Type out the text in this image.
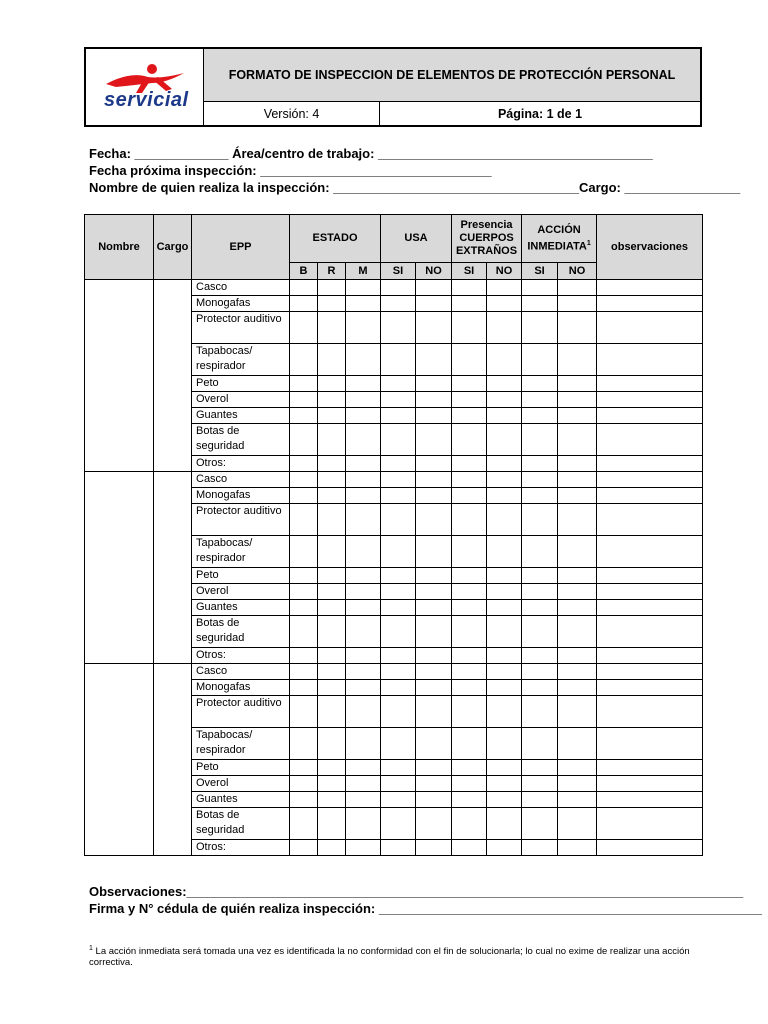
servicial
FORMATO DE INSPECCION DE ELEMENTOS DE PROTECCIÓN PERSONAL
Versión: 4	Página: 1 de 1
Fecha: _____________ Área/centro de trabajo: ______________________________________
Fecha próxima inspección: ________________________________
Nombre de quien realiza la inspección: __________________________________Cargo: ________________
Nombre	Cargo	EPP	ESTADO			USA		Presencia CUERPOS EXTRAÑOS		ACCIÓN INMEDIATA$^1$		observaciones
			B	R	M	SI	NO	SI	NO	SI	NO	
		Casco										
		Monogafas										
		Protector auditivo										
		Tapabocas/ respirador										
		Peto										
		Overol										
		Guantes										
		Botas de seguridad										
		Otros:										
		Casco										
		Monogafas										
		Protector auditivo										
		Tapabocas/ respirador										
		Peto										
		Overol										
		Guantes										
		Botas de seguridad										
		Otros:										
		Casco										
		Monogafas										
		Protector auditivo										
		Tapabocas/ respirador										
		Peto										
		Overol										
		Guantes										
		Botas de seguridad										
		Otros:										
Observaciones:_____________________________________________________________________________
Firma y N° cédula de quién realiza inspección: _____________________________________________________
$^1$ La acción inmediata será tomada una vez es identificada la no conformidad con el fin de solucionarla; lo cual no exime de realizar una acción correctiva.
